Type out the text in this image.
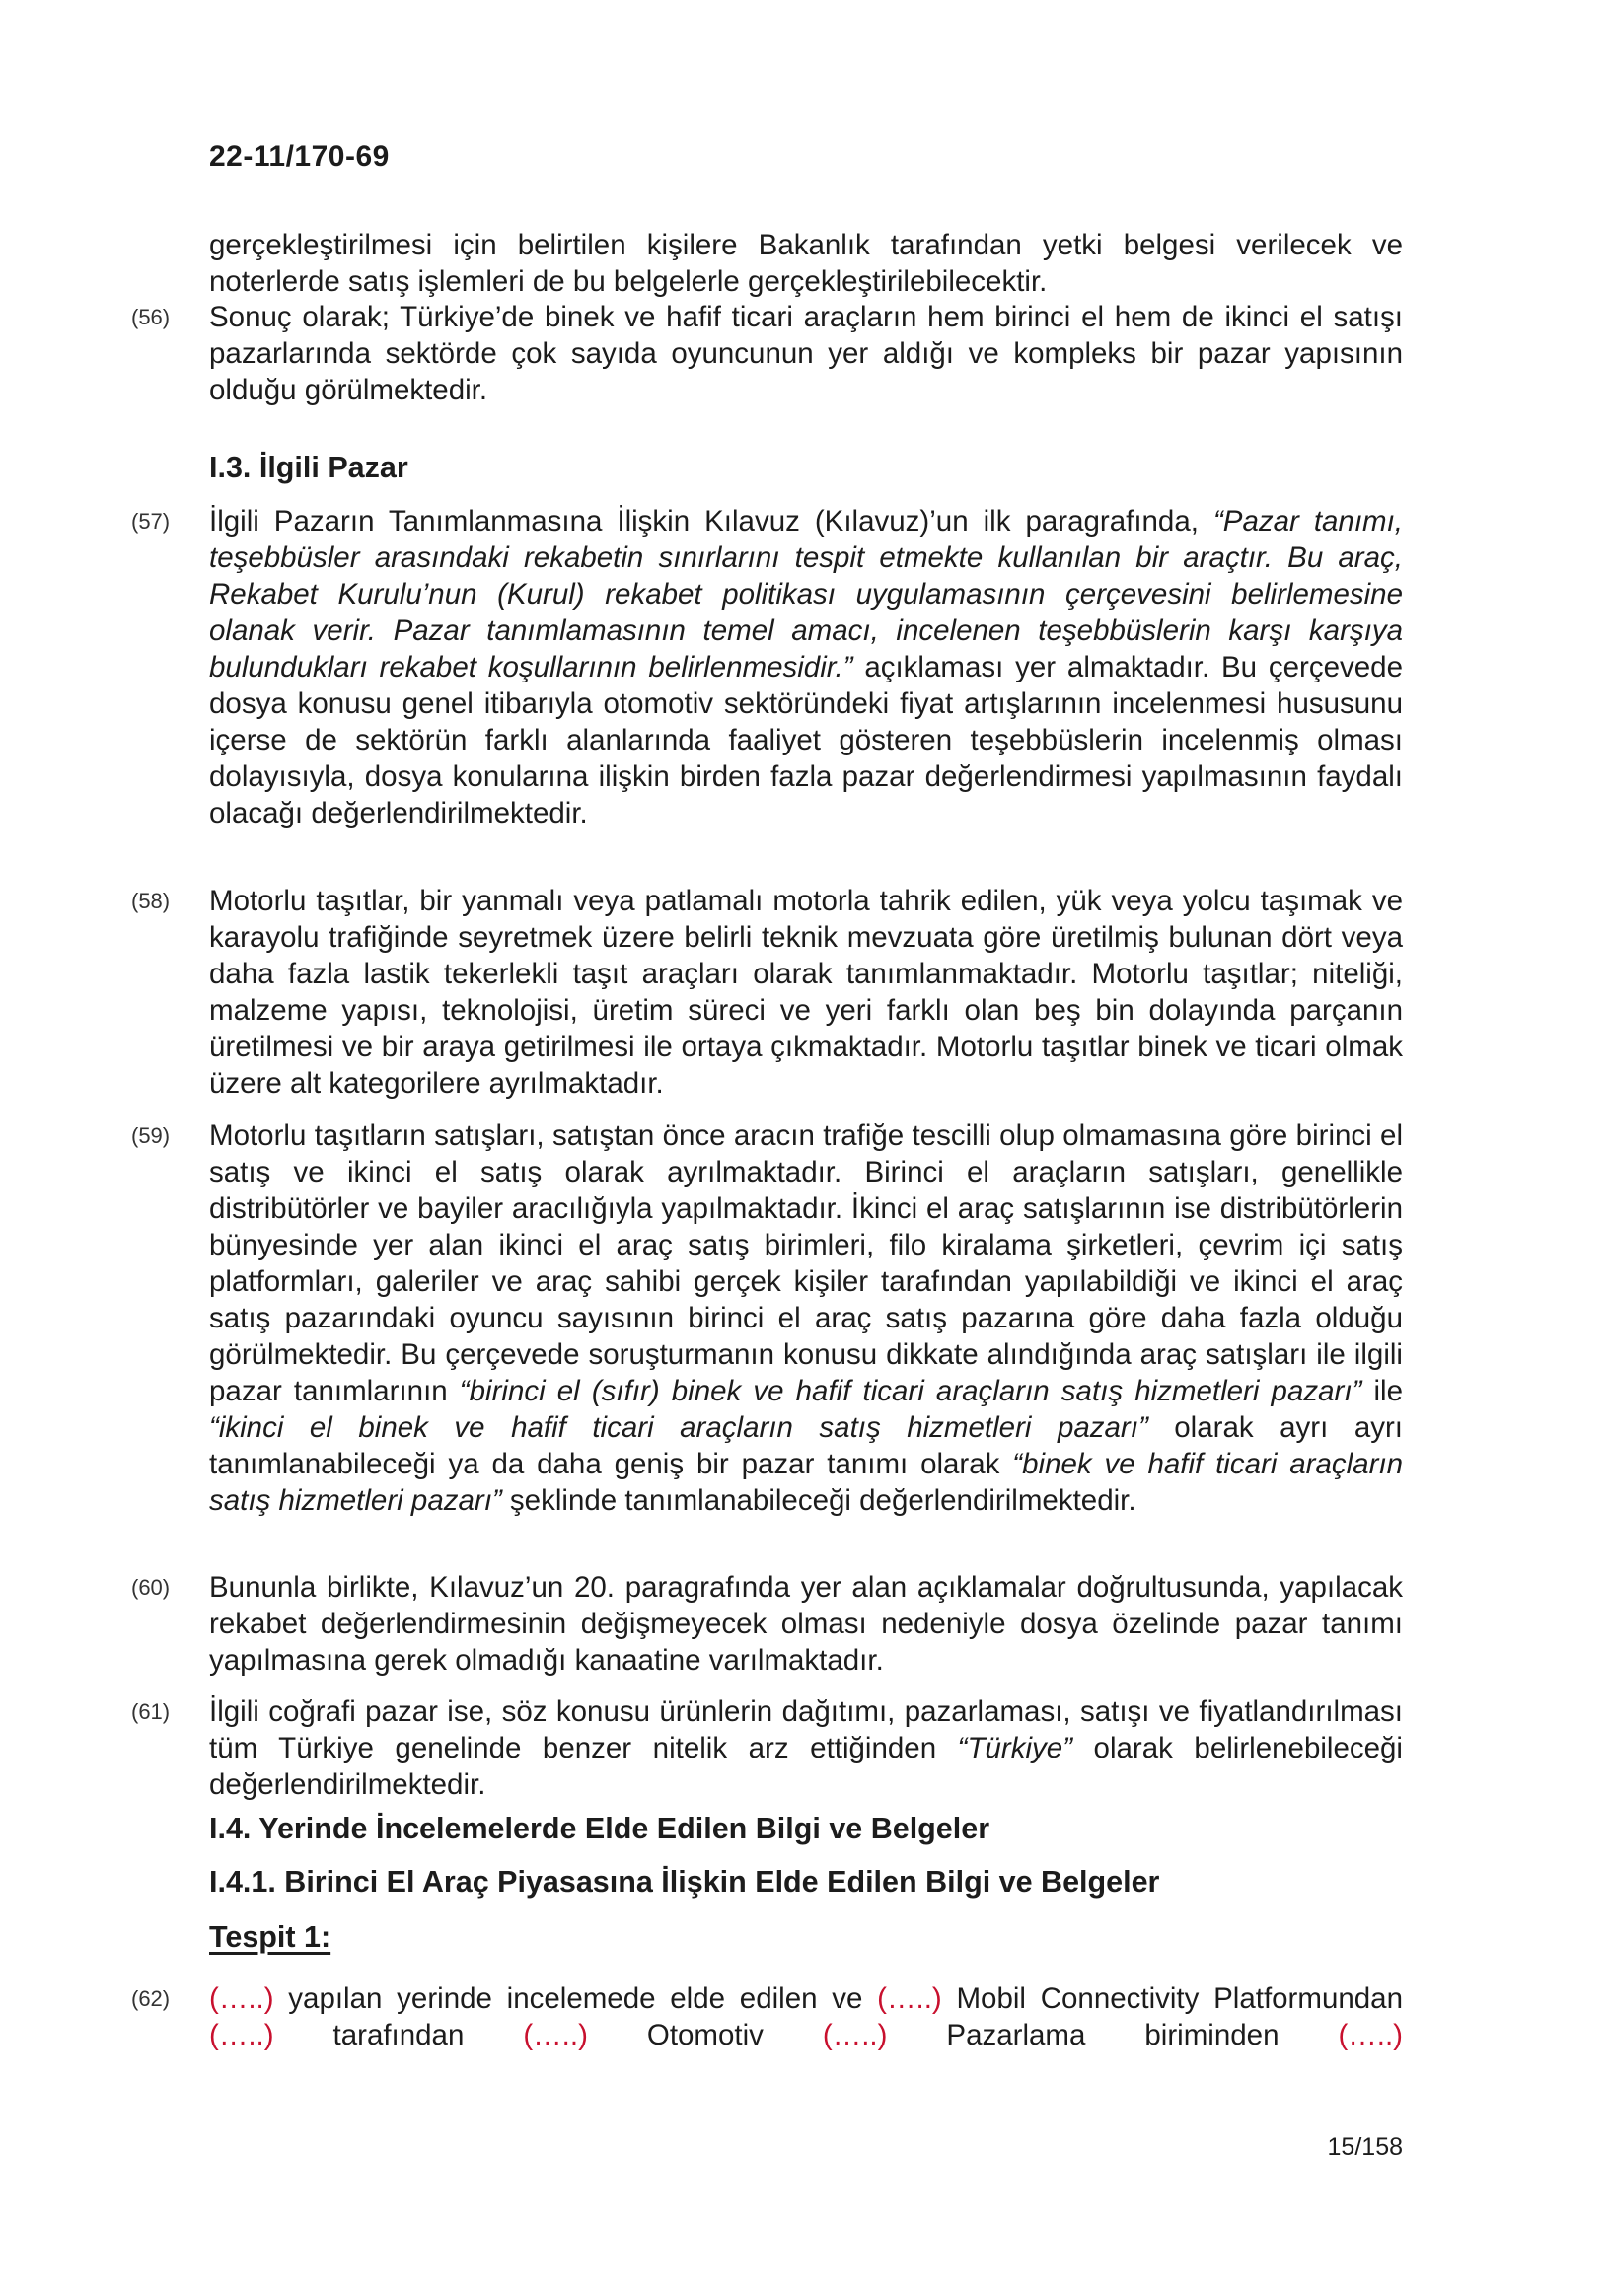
22-11/170-69
gerçekleştirilmesi için belirtilen kişilere Bakanlık tarafından yetki belgesi verilecek ve noterlerde satış işlemleri de bu belgelerle gerçekleştirilebilecektir.
(56) Sonuç olarak; Türkiye’de binek ve hafif ticari araçların hem birinci el hem de ikinci el satışı pazarlarında sektörde çok sayıda oyuncunun yer aldığı ve kompleks bir pazar yapısının olduğu görülmektedir.
I.3. İlgili Pazar
(57) İlgili Pazarın Tanımlanmasına İlişkin Kılavuz (Kılavuz)’un ilk paragrafında, “Pazar tanımı, teşebbüsler arasındaki rekabetin sınırlarını tespit etmekte kullanılan bir araçtır. Bu araç, Rekabet Kurulu’nun (Kurul) rekabet politikası uygulamasının çerçevesini belirlemesine olanak verir. Pazar tanımlamasının temel amacı, incelenen teşebbüslerin karşı karşıya bulundukları rekabet koşullarının belirlenmesidir.” açıklaması yer almaktadır. Bu çerçevede dosya konusu genel itibarıyla otomotiv sektöründeki fiyat artışlarının incelenmesi hususunu içerse de sektörün farklı alanlarında faaliyet gösteren teşebbüslerin incelenmiş olması dolayısıyla, dosya konularına ilişkin birden fazla pazar değerlendirmesi yapılmasının faydalı olacağı değerlendirilmektedir.
(58) Motorlu taşıtlar, bir yanmalı veya patlamalı motorla tahrik edilen, yük veya yolcu taşımak ve karayolu trafiğinde seyretmek üzere belirli teknik mevzuata göre üretilmiş bulunan dört veya daha fazla lastik tekerlekli taşıt araçları olarak tanımlanmaktadır. Motorlu taşıtlar; niteliği, malzeme yapısı, teknolojisi, üretim süreci ve yeri farklı olan beş bin dolayında parçanın üretilmesi ve bir araya getirilmesi ile ortaya çıkmaktadır. Motorlu taşıtlar binek ve ticari olmak üzere alt kategorilere ayrılmaktadır.
(59) Motorlu taşıtların satışları, satıştan önce aracın trafiğe tescilli olup olmamasına göre birinci el satış ve ikinci el satış olarak ayrılmaktadır. Birinci el araçların satışları, genellikle distribütörler ve bayiler aracılığıyla yapılmaktadır. İkinci el araç satışlarının ise distribütörlerin bünyesinde yer alan ikinci el araç satış birimleri, filo kiralama şirketleri, çevrim içi satış platformları, galeriler ve araç sahibi gerçek kişiler tarafından yapılabildiği ve ikinci el araç satış pazarındaki oyuncu sayısının birinci el araç satış pazarına göre daha fazla olduğu görülmektedir. Bu çerçevede soruşturmanın konusu dikkate alındığında araç satışları ile ilgili pazar tanımlarının “birinci el (sıfır) binek ve hafif ticari araçların satış hizmetleri pazarı” ile “ikinci el binek ve hafif ticari araçların satış hizmetleri pazarı” olarak ayrı ayrı tanımlanabileceği ya da daha geniş bir pazar tanımı olarak “binek ve hafif ticari araçların satış hizmetleri pazarı” şeklinde tanımlanabileceği değerlendirilmektedir.
(60) Bununla birlikte, Kılavuz’un 20. paragrafında yer alan açıklamalar doğrultusunda, yapılacak rekabet değerlendirmesinin değişmeyecek olması nedeniyle dosya özelinde pazar tanımı yapılmasına gerek olmadığı kanaatine varılmaktadır.
(61) İlgili coğrafi pazar ise, söz konusu ürünlerin dağıtımı, pazarlaması, satışı ve fiyatlandırılması tüm Türkiye genelinde benzer nitelik arz ettiğinden “Türkiye” olarak belirlenebileceği değerlendirilmektedir.
I.4. Yerinde İncelemelerde Elde Edilen Bilgi ve Belgeler
I.4.1. Birinci El Araç Piyasasına İlişkin Elde Edilen Bilgi ve Belgeler
Tespit 1:
(62) (…..) yapılan yerinde incelemede elde edilen ve (…..) Mobil Connectivity Platformundan (…..) tarafından (…..) Otomotiv (…..) Pazarlama biriminden (…..)
15/158
